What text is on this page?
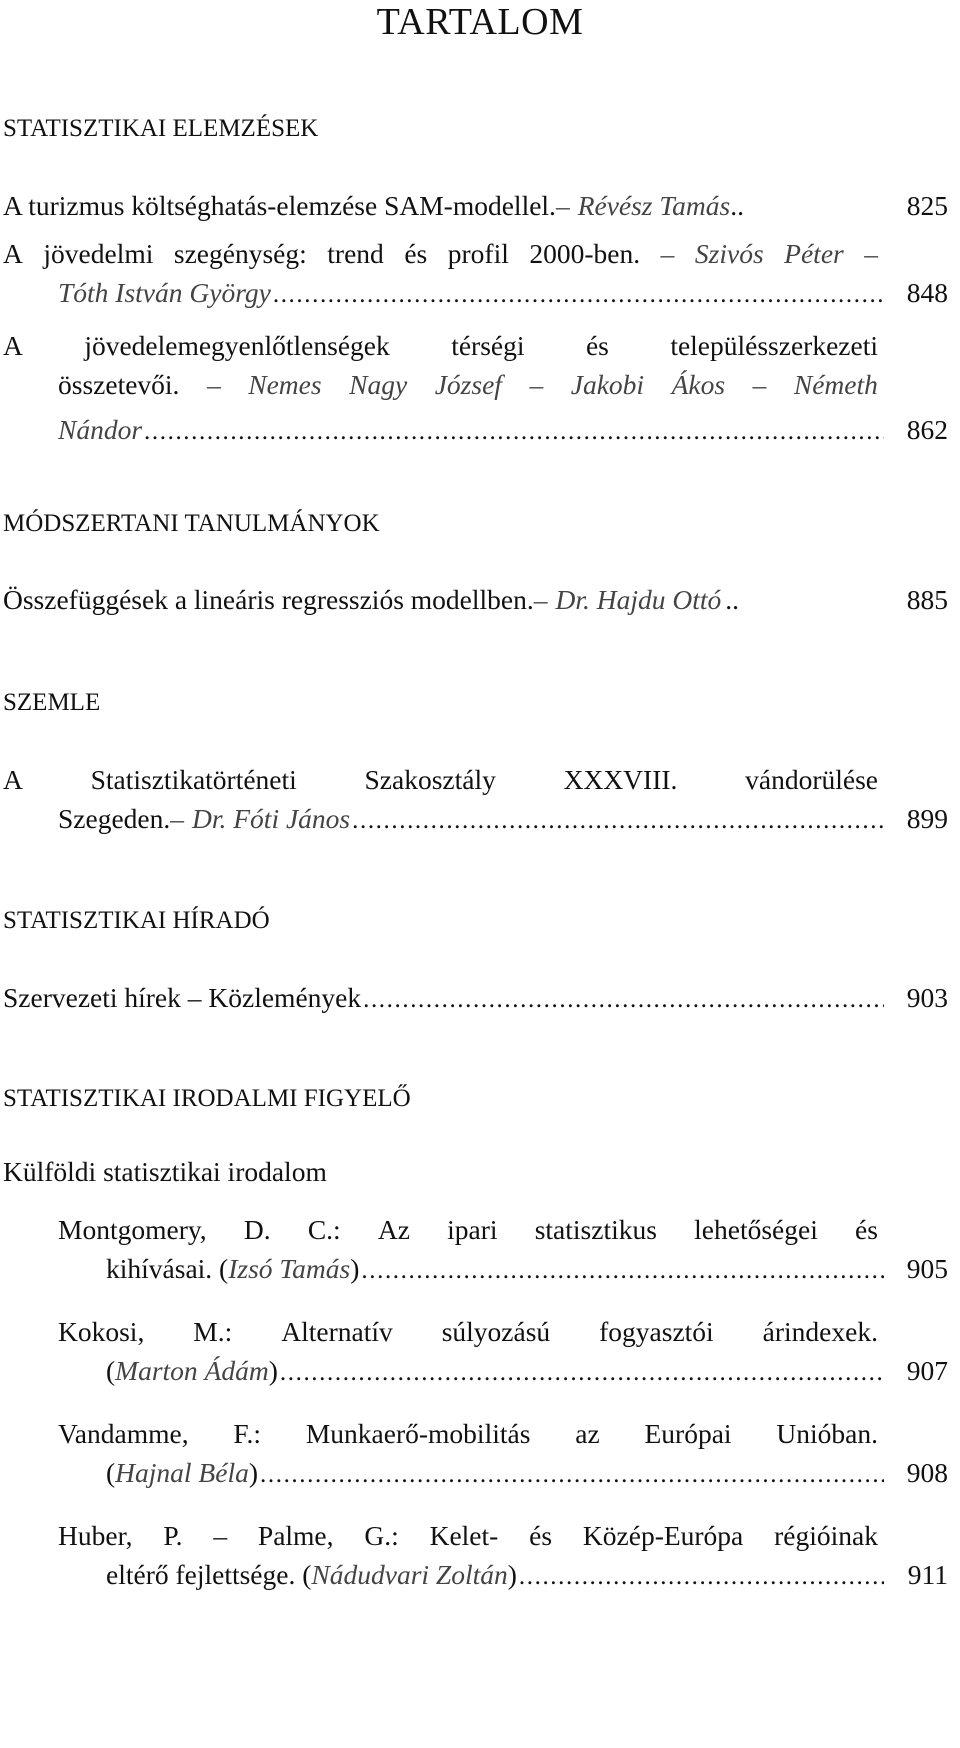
TARTALOM
STATISZTIKAI ELEMZÉSEK
A turizmus költséghatás-elemzése SAM-modellel. – Révész Tamás ..	825
A jövedelmi szegénység: trend és profil 2000-ben. – Szivós Péter –
Tóth István György .....	848
A jövedelemegyenlőtlenségek térségi és településszerkezeti
összetevői. – Nemes Nagy József – Jakobi Ákos – Németh
Nándor .....	862
MÓDSZERTANI TANULMÁNYOK
Összefüggések a lineáris regressziós modellben. – Dr. Hajdu Ottó ..	885
SZEMLE
A Statisztikatörténeti Szakosztály XXXVIII. vándorülése
Szegeden. – Dr. Fóti János .....	899
STATISZTIKAI HÍRADÓ
Szervezeti hírek – Közlemények .....	903
STATISZTIKAI IRODALMI FIGYELŐ
Külföldi statisztikai irodalom
Montgomery, D. C.: Az ipari statisztikus lehetőségei és
kihívásai. ( Izsó Tamás ) .....	905
Kokosi, M.: Alternatív súlyozású fogyasztói árindexek.
( Marton Ádám ) .....	907
Vandamme, F.: Munkaerő-mobilitás az Európai Unióban.
( Hajnal Béla ) .....	908
Huber, P. – Palme, G.: Kelet- és Közép-Európa régióinak
eltérő fejlettsége. ( Nádudvari Zoltán ) .....	911
